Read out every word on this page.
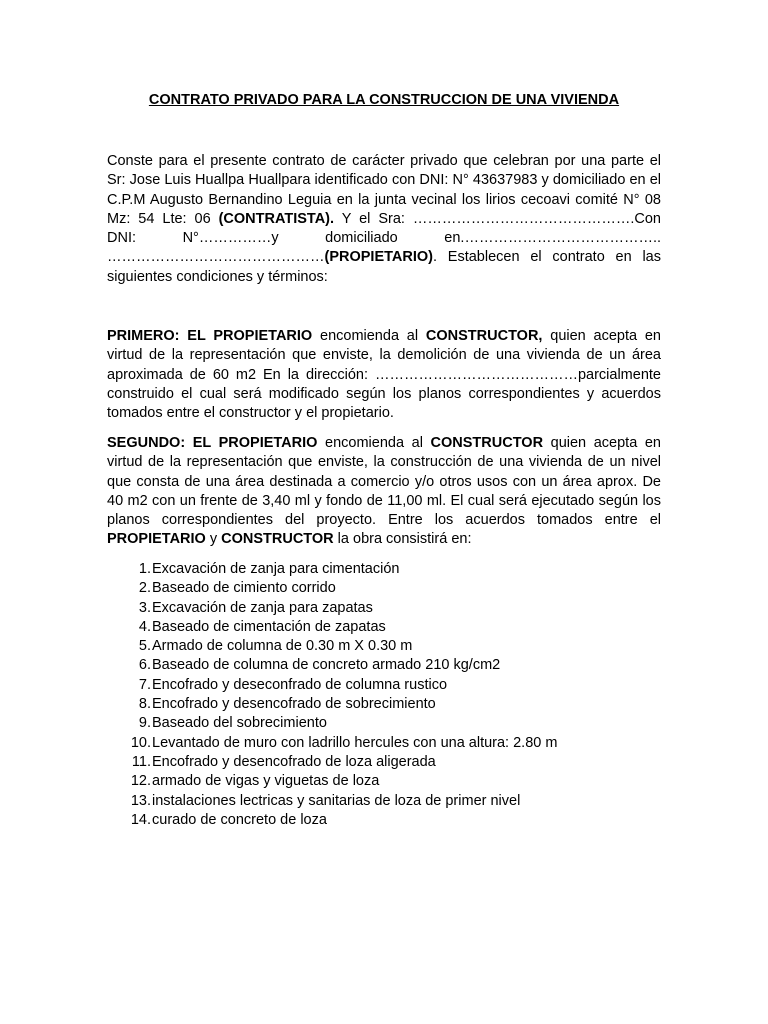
CONTRATO PRIVADO PARA LA CONSTRUCCION DE UNA VIVIENDA

Conste para el presente contrato de carácter privado que celebran por una parte el Sr: Jose Luis Huallpa Huallpara identificado con DNI: N° 43637983 y domiciliado en el C.P.M Augusto Bernandino Leguia en la junta vecinal los lirios cecoavi comité N° 08 Mz: 54 Lte: 06 (CONTRATISTA). Y el Sra: ……………………………………….Con DNI: N°……………y domiciliado en.………………………………….. ………………………………………(PROPIETARIO). Establecen el contrato en las siguientes condiciones y términos:

PRIMERO: EL PROPIETARIO encomienda al CONSTRUCTOR, quien acepta en virtud de la representación que enviste, la demolición de una vivienda de un área aproximada de 60 m2 En la dirección: ……………………………………parcialmente construido el cual será modificado según los planos correspondientes y acuerdos tomados entre el constructor y el propietario.

SEGUNDO: EL PROPIETARIO encomienda al CONSTRUCTOR quien acepta en virtud de la representación que enviste, la construcción de una vivienda de un nivel que consta de una área destinada a comercio y/o otros usos con un área aprox. De 40 m2 con un frente de 3,40 ml y fondo de 11,00 ml. El cual será ejecutado según los planos correspondientes del proyecto. Entre los acuerdos tomados entre el PROPIETARIO y CONSTRUCTOR la obra consistirá en:

1. Excavación de zanja para cimentación
2. Baseado de cimiento corrido
3. Excavación de zanja para zapatas
4. Baseado de cimentación de zapatas
5. Armado de columna de 0.30 m X 0.30 m
6. Baseado de columna de concreto armado 210 kg/cm2
7. Encofrado y deseconfrado de columna rustico
8. Encofrado y desencofrado de sobrecimiento
9. Baseado del sobrecimiento
10. Levantado de muro con ladrillo hercules con una altura: 2.80 m
11. Encofrado y desencofrado de loza aligerada
12. armado de vigas y viguetas de loza
13. instalaciones lectricas y sanitarias de loza de primer nivel
14. curado de concreto de loza
